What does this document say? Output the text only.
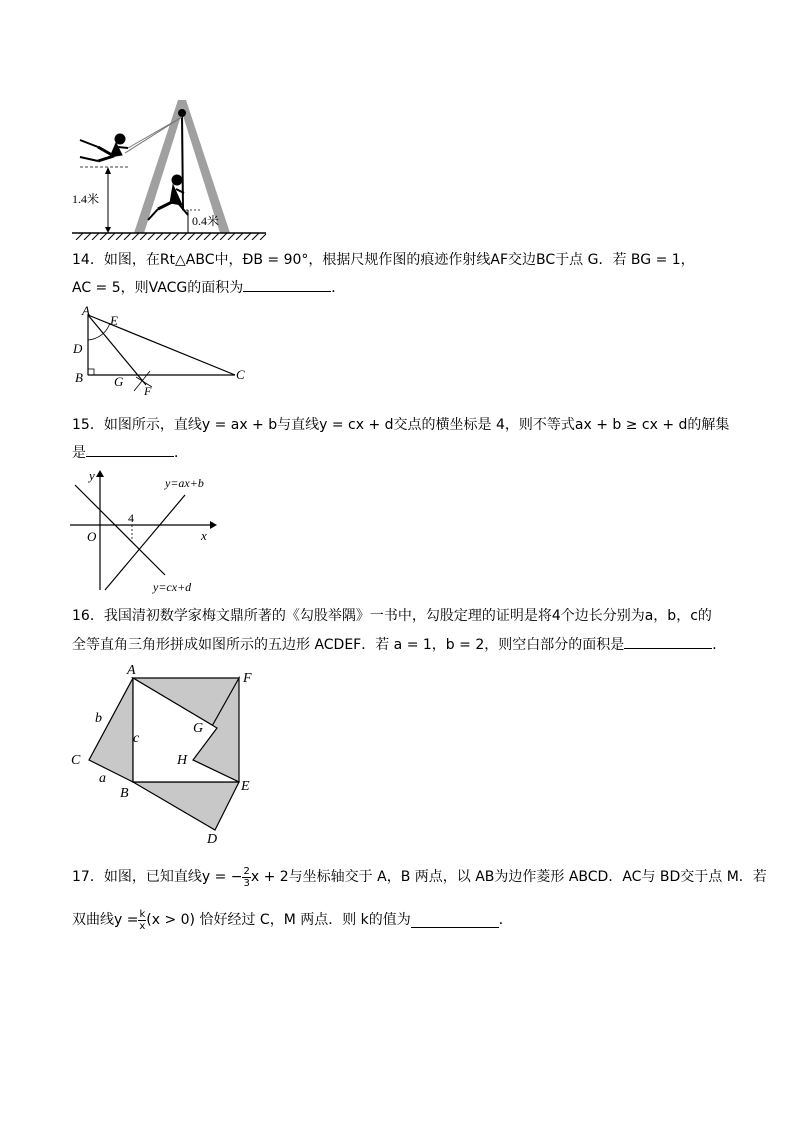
1.4米
0.4米
14．如图，在Rt△ABC中，ÐB = 90°，根据尺规作图的痕迹作射线AF交边BC于点 G．若 BG = 1，
AC = 5，则VACG的面积为	．
A
E
D
B G
F
C
15．如图所示，直线y = ax + b与直线y = cx + d交点的横坐标是 4，则不等式ax + b ≥ cx + d的解集
是	．
y
x
O
4
y=ax+b
y=cx+d
16．我国清初数学家梅文鼎所著的《勾股举隅》一书中，勾股定理的证明是将4个边长分别为a，b，c的
全等直角三角形拼成如图所示的五边形 ACDEF．若 a = 1，b = 2，则空白部分的面积是	．
A
F
G
H
E
D
B
C
a
b
c
17． 如图，已知直线y = − $\frac{2}{3}$ x + 2与坐标轴交于 A，B 两点，以 AB为边作菱形 ABCD．AC与 BD交于点 M．若
双曲线$y = \frac{k}{x} (x > 0)$ 恰好经过 C，M 两点．则 k的值为	．
